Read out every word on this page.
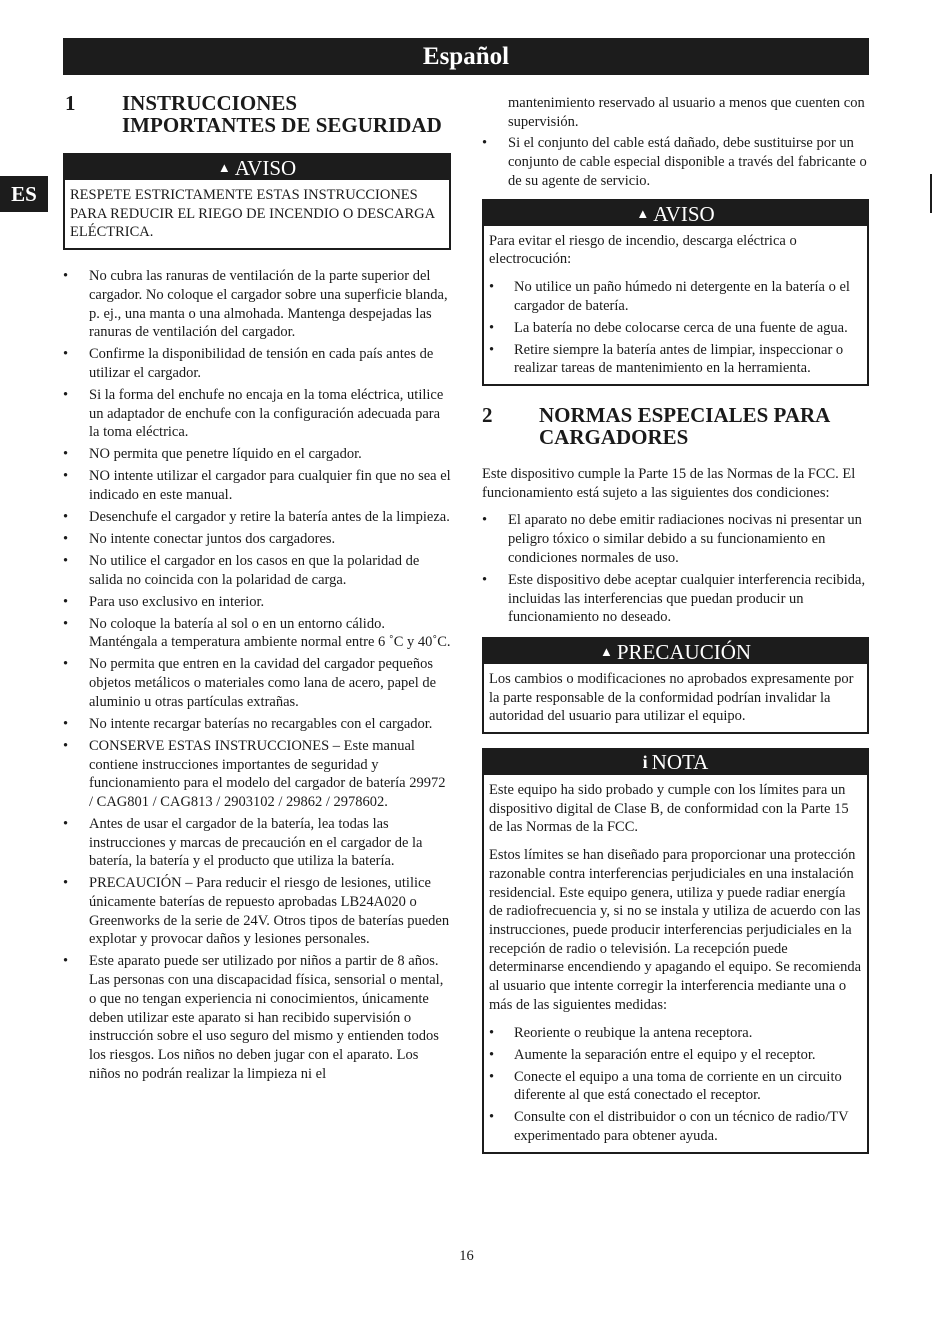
Español
ES
1	INSTRUCCIONES IMPORTANTES DE SEGURIDAD
▲ AVISO

RESPETE ESTRICTAMENTE ESTAS INSTRUCCIONES PARA REDUCIR EL RIEGO DE INCENDIO O DESCARGA ELÉCTRICA.

• No cubra las ranuras de ventilación de la parte superior del cargador. No coloque el cargador sobre una superficie blanda, p. ej., una manta o una almohada. Mantenga despejadas las ranuras de ventilación del cargador.
• Confirme la disponibilidad de tensión en cada país antes de utilizar el cargador.
• Si la forma del enchufe no encaja en la toma eléctrica, utilice un adaptador de enchufe con la configuración adecuada para la toma eléctrica.
• NO permita que penetre líquido en el cargador.
• NO intente utilizar el cargador para cualquier fin que no sea el indicado en este manual.
• Desenchufe el cargador y retire la batería antes de la limpieza.
• No intente conectar juntos dos cargadores.
• No utilice el cargador en los casos en que la polaridad de salida no coincida con la polaridad de carga.
• Para uso exclusivo en interior.
• No coloque la batería al sol o en un entorno cálido. Manténgala a temperatura ambiente normal entre 6 ˚C y 40˚C.
• No permita que entren en la cavidad del cargador pequeños objetos metálicos o materiales como lana de acero, papel de aluminio u otras partículas extrañas.
• No intente recargar baterías no recargables con el cargador.
• CONSERVE ESTAS INSTRUCCIONES – Este manual contiene instrucciones importantes de seguridad y funcionamiento para el modelo del cargador de batería 29972 / CAG801 / CAG813 / 2903102 / 29862 / 2978602.
• Antes de usar el cargador de la batería, lea todas las instrucciones y marcas de precaución en el cargador de la batería, la batería y el producto que utiliza la batería.
• PRECAUCIÓN – Para reducir el riesgo de lesiones, utilice únicamente baterías de repuesto aprobadas LB24A020 o Greenworks de la serie de 24V. Otros tipos de baterías pueden explotar y provocar daños y lesiones personales.
• Este aparato puede ser utilizado por niños a partir de 8 años. Las personas con una discapacidad física, sensorial o mental, o que no tengan experiencia ni conocimientos, únicamente deben utilizar este aparato si han recibido supervisión o instrucción sobre el uso seguro del mismo y entienden todos los riesgos. Los niños no deben jugar con el aparato. Los niños no podrán realizar la limpieza ni el

mantenimiento reservado al usuario a menos que cuenten con supervisión.

• Si el conjunto del cable está dañado, debe sustituirse por un conjunto de cable especial disponible a través del fabricante o de su agente de servicio.
▲ AVISO

Para evitar el riesgo de incendio, descarga eléctrica o electrocución:

• No utilice un paño húmedo ni detergente en la batería o el cargador de batería.
• La batería no debe colocarse cerca de una fuente de agua.
• Retire siempre la batería antes de limpiar, inspeccionar o realizar tareas de mantenimiento en la herramienta.
2	NORMAS ESPECIALES PARA CARGADORES

Este dispositivo cumple la Parte 15 de las Normas de la FCC. El funcionamiento está sujeto a las siguientes dos condiciones:

• El aparato no debe emitir radiaciones nocivas ni presentar un peligro tóxico o similar debido a su funcionamiento en condiciones normales de uso.
• Este dispositivo debe aceptar cualquier interferencia recibida, incluidas las interferencias que puedan producir un funcionamiento no deseado.
▲ PRECAUCIÓN

Los cambios o modificaciones no aprobados expresamente por la parte responsable de la conformidad podrían invalidar la autoridad del usuario para utilizar el equipo.

i NOTA

Este equipo ha sido probado y cumple con los límites para un dispositivo digital de Clase B, de conformidad con la Parte 15 de las Normas de la FCC.

Estos límites se han diseñado para proporcionar una protección razonable contra interferencias perjudiciales en una instalación residencial. Este equipo genera, utiliza y puede radiar energía de radiofrecuencia y, si no se instala y utiliza de acuerdo con las instrucciones, puede producir interferencias perjudiciales en la recepción de radio o televisión. La recepción puede determinarse encendiendo y apagando el equipo. Se recomienda al usuario que intente corregir la interferencia mediante una o más de las siguientes medidas:

• Reoriente o reubique la antena receptora.
• Aumente la separación entre el equipo y el receptor.
• Conecte el equipo a una toma de corriente en un circuito diferente al que está conectado el receptor.
• Consulte con el distribuidor o con un técnico de radio/TV experimentado para obtener ayuda.
16
